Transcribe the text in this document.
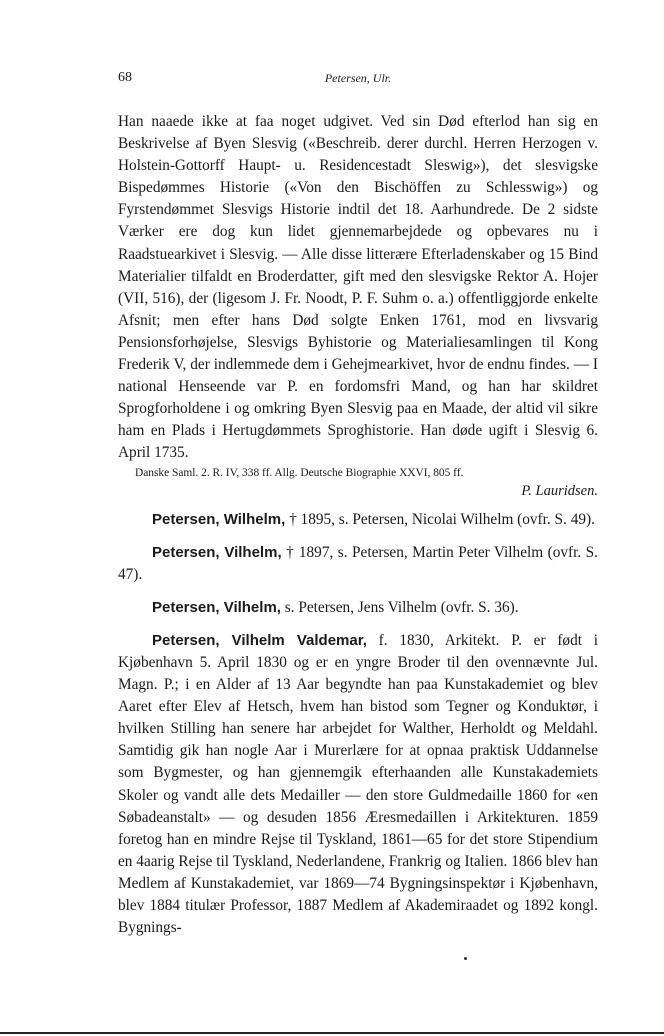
68	Petersen, Ulr.

Han naaede ikke at faa noget udgivet. Ved sin Død efterlod han sig en Beskrivelse af Byen Slesvig («Beschreib. derer durchl. Herren Herzogen v. Holstein-Gottorff Haupt- u. Residencestadt Sleswig»), det slesvigske Bispedømmes Historie («Von den Bischöffen zu Schlesswig») og Fyrstendømmet Slesvigs Historie indtil det 18. Aarhundrede. De 2 sidste Værker ere dog kun lidet gjennemarbejdede og opbevares nu i Raadstuearkivet i Slesvig. — Alle disse litterære Efterladenskaber og 15 Bind Materialier tilfaldt en Broderdatter, gift med den slesvigske Rektor A. Hojer (VII, 516), der (ligesom J. Fr. Noodt, P. F. Suhm o. a.) offentliggjorde enkelte Afsnit; men efter hans Død solgte Enken 1761, mod en livsvarig Pensionsforhøjelse, Slesvigs Byhistorie og Materialiesamlingen til Kong Frederik V, der indlemmede dem i Gehejmearkivet, hvor de endnu findes. — I national Henseende var P. en fordomsfri Mand, og han har skildret Sprogforholdene i og omkring Byen Slesvig paa en Maade, der altid vil sikre ham en Plads i Hertugdømmets Sproghistorie. Han døde ugift i Slesvig 6. April 1735.

Danske Saml. 2. R. IV, 338 ff. Allg. Deutsche Biographie XXVI, 805 ff.

P. Lauridsen.

Petersen, Wilhelm, † 1895, s. Petersen, Nicolai Wilhelm (ovfr. S. 49).

Petersen, Vilhelm, † 1897, s. Petersen, Martin Peter Vilhelm (ovfr. S. 47).

Petersen, Vilhelm, s. Petersen, Jens Vilhelm (ovfr. S. 36).

Petersen, Vilhelm Valdemar, f. 1830, Arkitekt. P. er født i Kjøbenhavn 5. April 1830 og er en yngre Broder til den ovennævnte Jul. Magn. P.; i en Alder af 13 Aar begyndte han paa Kunstakademiet og blev Aaret efter Elev af Hetsch, hvem han bistod som Tegner og Konduktør, i hvilken Stilling han senere har arbejdet for Walther, Herholdt og Meldahl. Samtidig gik han nogle Aar i Murerlære for at opnaa praktisk Uddannelse som Bygmester, og han gjennemgik efterhaanden alle Kunstakademiets Skoler og vandt alle dets Medailler — den store Guldmedaille 1860 for «en Søbadeanstalt» — og desuden 1856 Æresmedaillen i Arkitekturen. 1859 foretog han en mindre Rejse til Tyskland, 1861—65 for det store Stipendium en 4aarig Rejse til Tyskland, Nederlandene, Frankrig og Italien. 1866 blev han Medlem af Kunstakademiet, var 1869—74 Bygningsinspektør i Kjøbenhavn, blev 1884 titulær Professor, 1887 Medlem af Akademiraadet og 1892 kongl. Bygnings-
